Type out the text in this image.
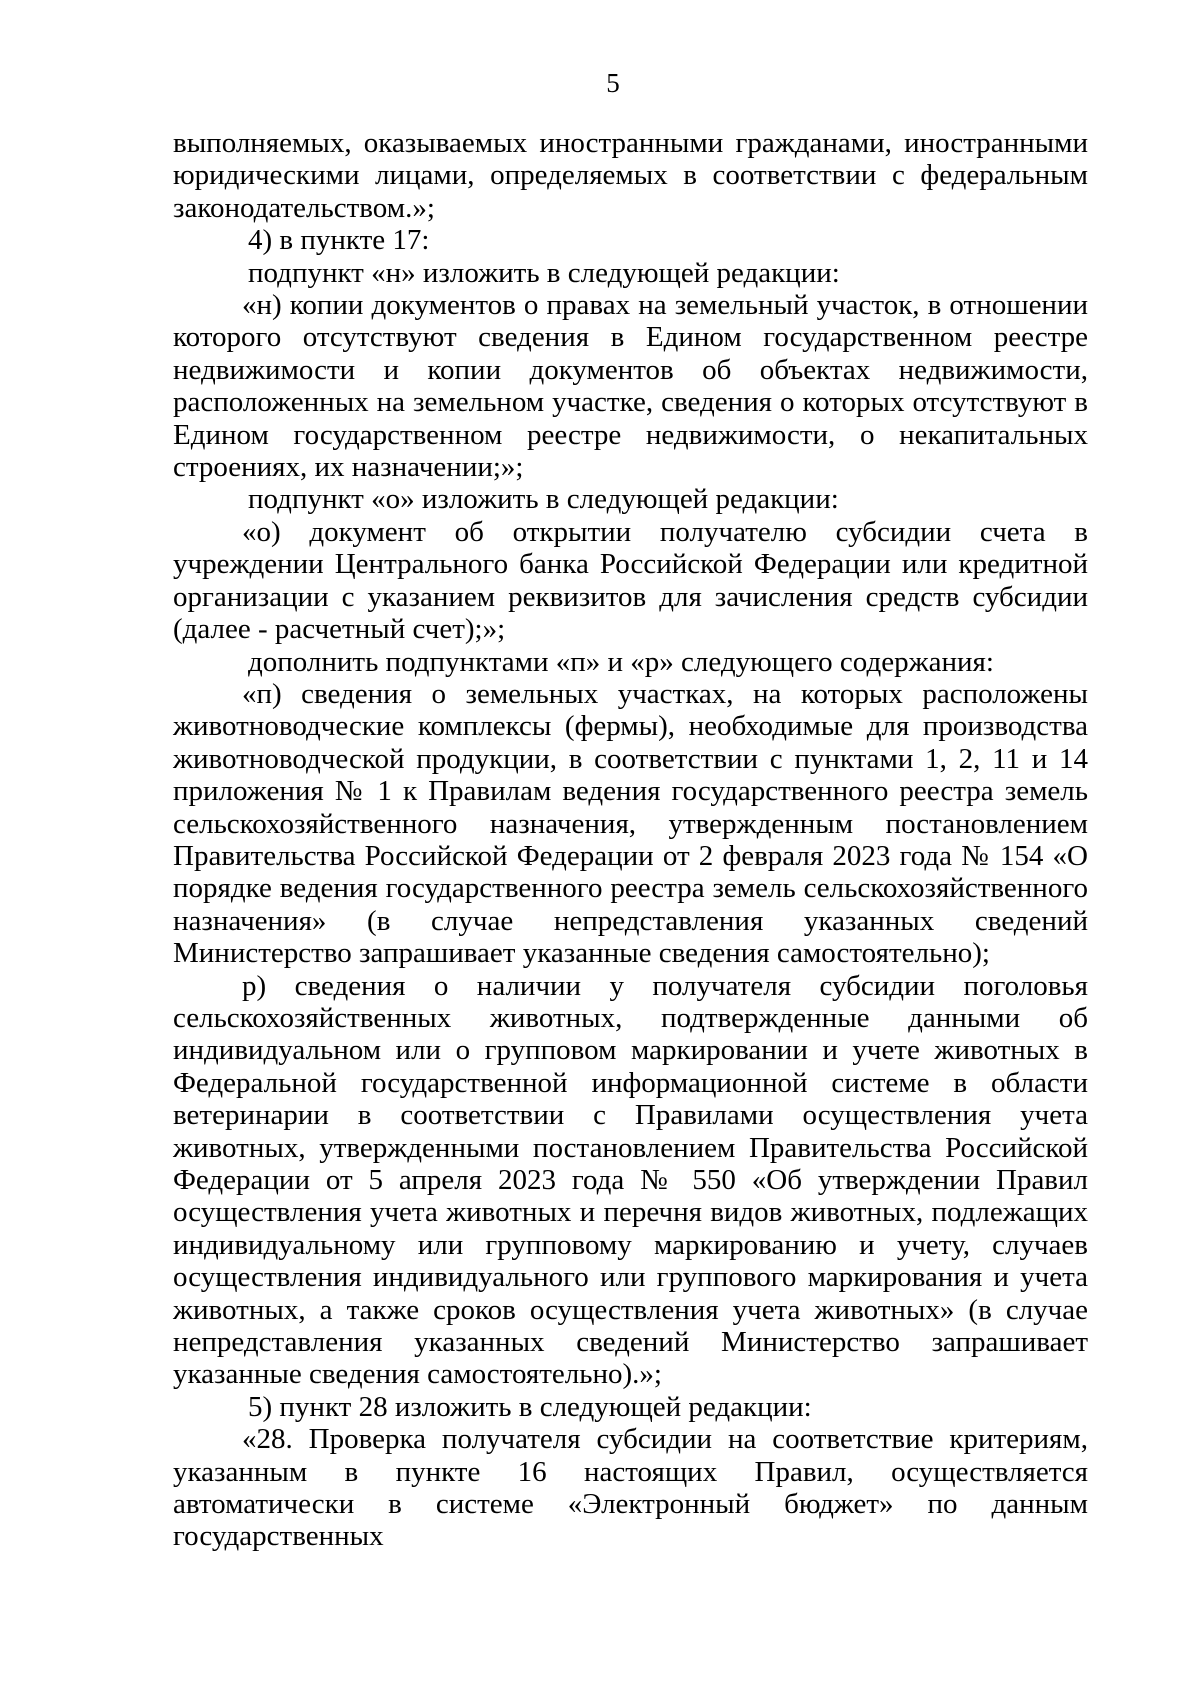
5

выполняемых, оказываемых иностранными гражданами, иностранными юридическими лицами, определяемых в соответствии с федеральным законодательством.»;

4) в пункте 17:

подпункт «н» изложить в следующей редакции:

«н) копии документов о правах на земельный участок, в отношении которого отсутствуют сведения в Едином государственном реестре недвижимости и копии документов об объектах недвижимости, расположенных на земельном участке, сведения о которых отсутствуют в Едином государственном реестре недвижимости, о некапитальных строениях, их назначении;»;

подпункт «о» изложить в следующей редакции:

«о) документ об открытии получателю субсидии счета в учреждении Центрального банка Российской Федерации или кредитной организации с указанием реквизитов для зачисления средств субсидии (далее - расчетный счет);»;

дополнить подпунктами «п» и «р» следующего содержания:

«п) сведения о земельных участках, на которых расположены животноводческие комплексы (фермы), необходимые для производства животноводческой продукции, в соответствии с пунктами 1, 2, 11 и 14 приложения № 1 к Правилам ведения государственного реестра земель сельскохозяйственного назначения, утвержденным постановлением Правительства Российской Федерации от 2 февраля 2023 года № 154 «О порядке ведения государственного реестра земель сельскохозяйственного назначения» (в случае непредставления указанных сведений Министерство запрашивает указанные сведения самостоятельно);

р) сведения о наличии у получателя субсидии поголовья сельскохозяйственных животных, подтвержденные данными об индивидуальном или о групповом маркировании и учете животных в Федеральной государственной информационной системе в области ветеринарии в соответствии с Правилами осуществления учета животных, утвержденными постановлением Правительства Российской Федерации от 5 апреля 2023 года № 550 «Об утверждении Правил осуществления учета животных и перечня видов животных, подлежащих индивидуальному или групповому маркированию и учету, случаев осуществления индивидуального или группового маркирования и учета животных, а также сроков осуществления учета животных» (в случае непредставления указанных сведений Министерство запрашивает указанные сведения самостоятельно).»;

5) пункт 28 изложить в следующей редакции:

«28. Проверка получателя субсидии на соответствие критериям, указанным в пункте 16 настоящих Правил, осуществляется автоматически в системе «Электронный бюджет» по данным государственных
